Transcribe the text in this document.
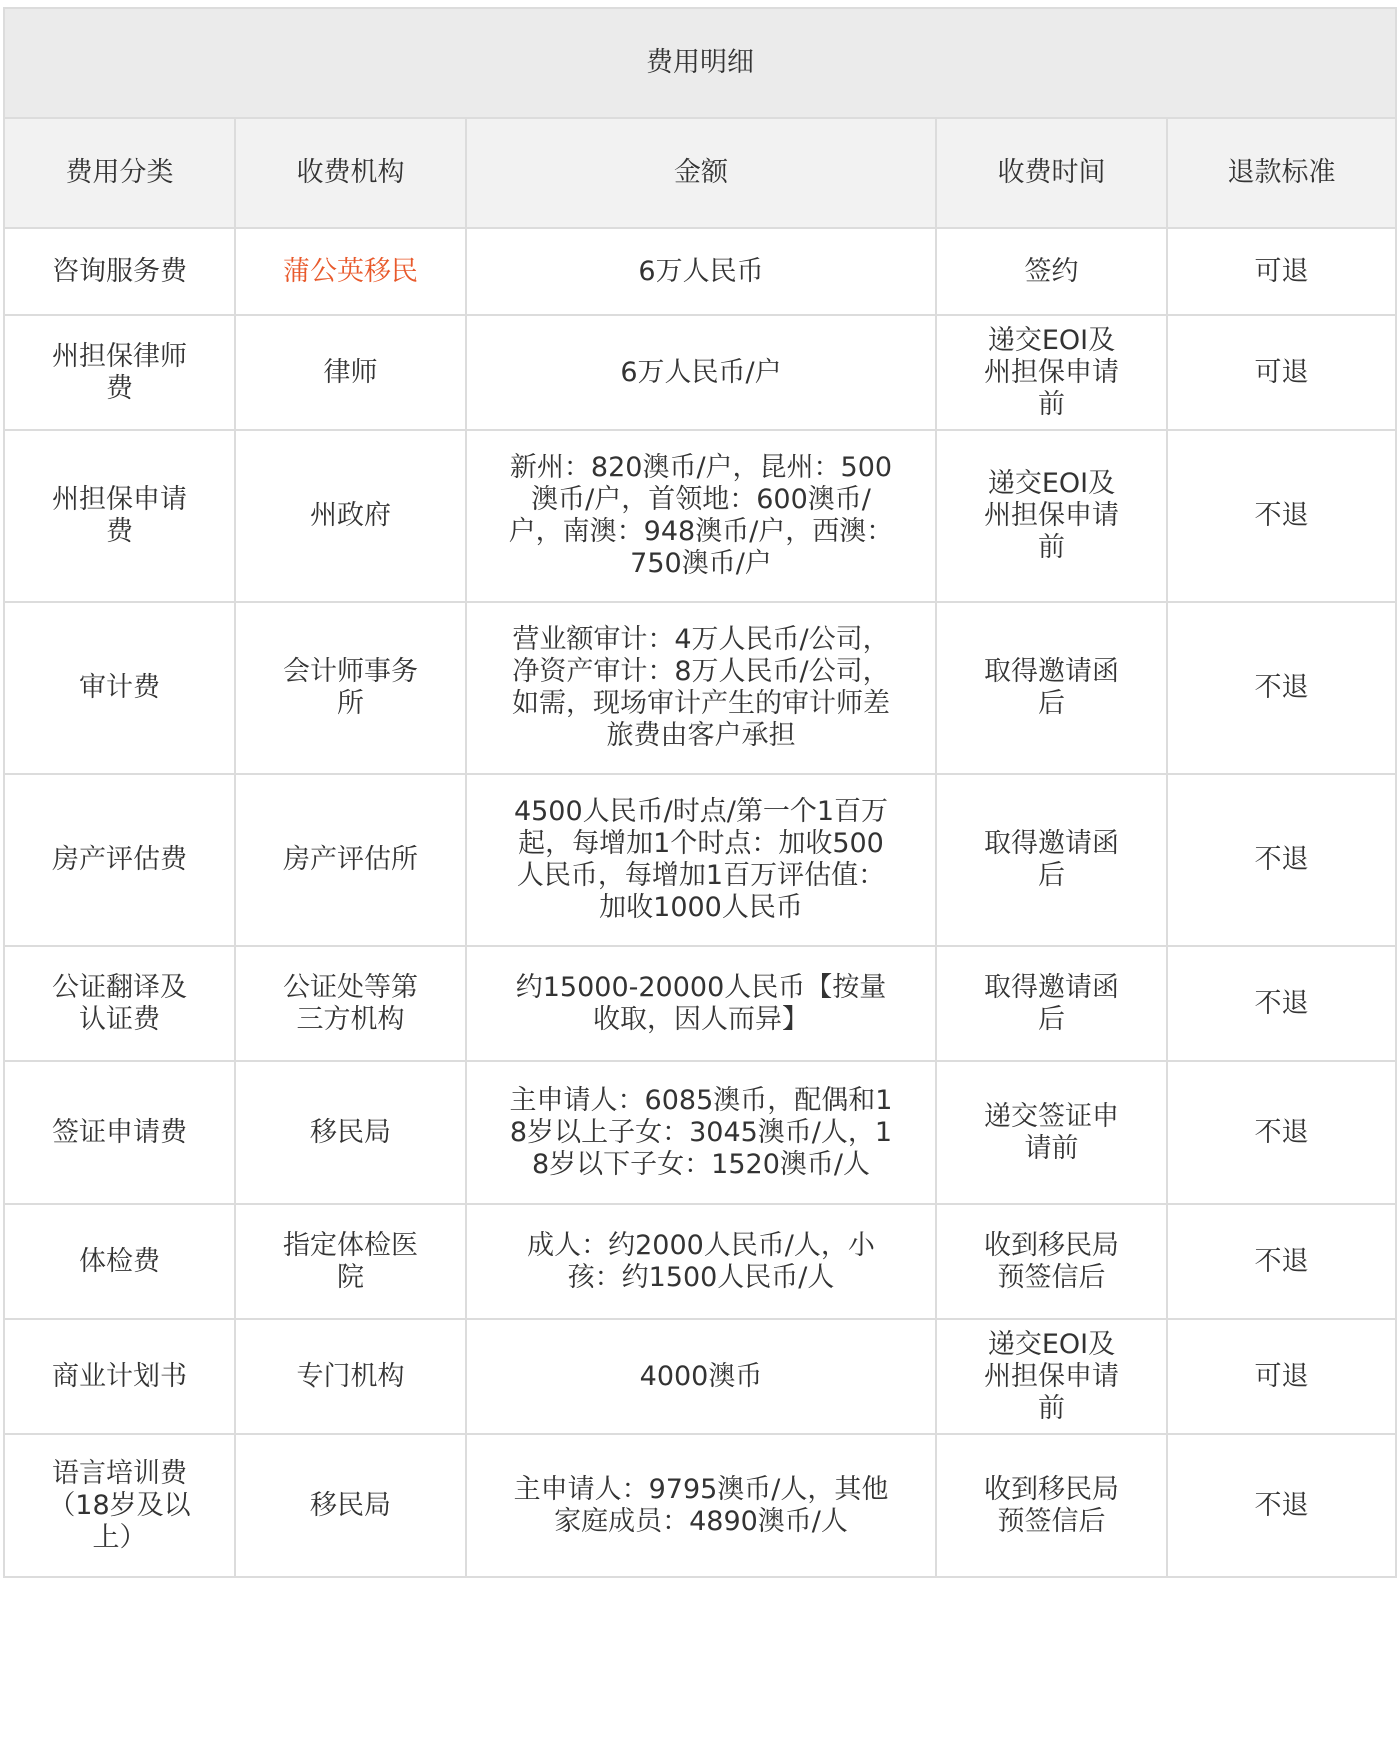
费用明细				
费用分类	收费机构	金额	收费时间	退款标准
咨询服务费	蒲公英移民	6万人民币	签约	可退
州担保律师费	律师	6万人民币/户	递交EOI及州担保申请前	可退
州担保申请费	州政府	新州：820澳币/户，昆州：500澳币/户，首领地：600澳币/户，南澳：948澳币/户，西澳：750澳币/户	递交EOI及州担保申请前	不退
审计费	会计师事务所	营业额审计：4万人民币/公司，净资产审计：8万人民币/公司，如需，现场审计产生的审计师差旅费由客户承担	取得邀请函后	不退
房产评估费	房产评估所	4500人民币/时点/第一个1百万起，每增加1个时点：加收500人民币，每增加1百万评估值：加收1000人民币	取得邀请函后	不退
公证翻译及认证费	公证处等第三方机构	约15000-20000人民币【按量收取，因人而异】	取得邀请函后	不退
签证申请费	移民局	主申请人：6085澳币，配偶和18岁以上子女：3045澳币/人，18岁以下子女：1520澳币/人	递交签证申请前	不退
体检费	指定体检医院	成人：约2000人民币/人，小孩：约1500人民币/人	收到移民局预签信后	不退
商业计划书	专门机构	4000澳币	递交EOI及州担保申请前	可退
语言培训费（18岁及以上）	移民局	主申请人：9795澳币/人，其他家庭成员：4890澳币/人	收到移民局预签信后	不退
